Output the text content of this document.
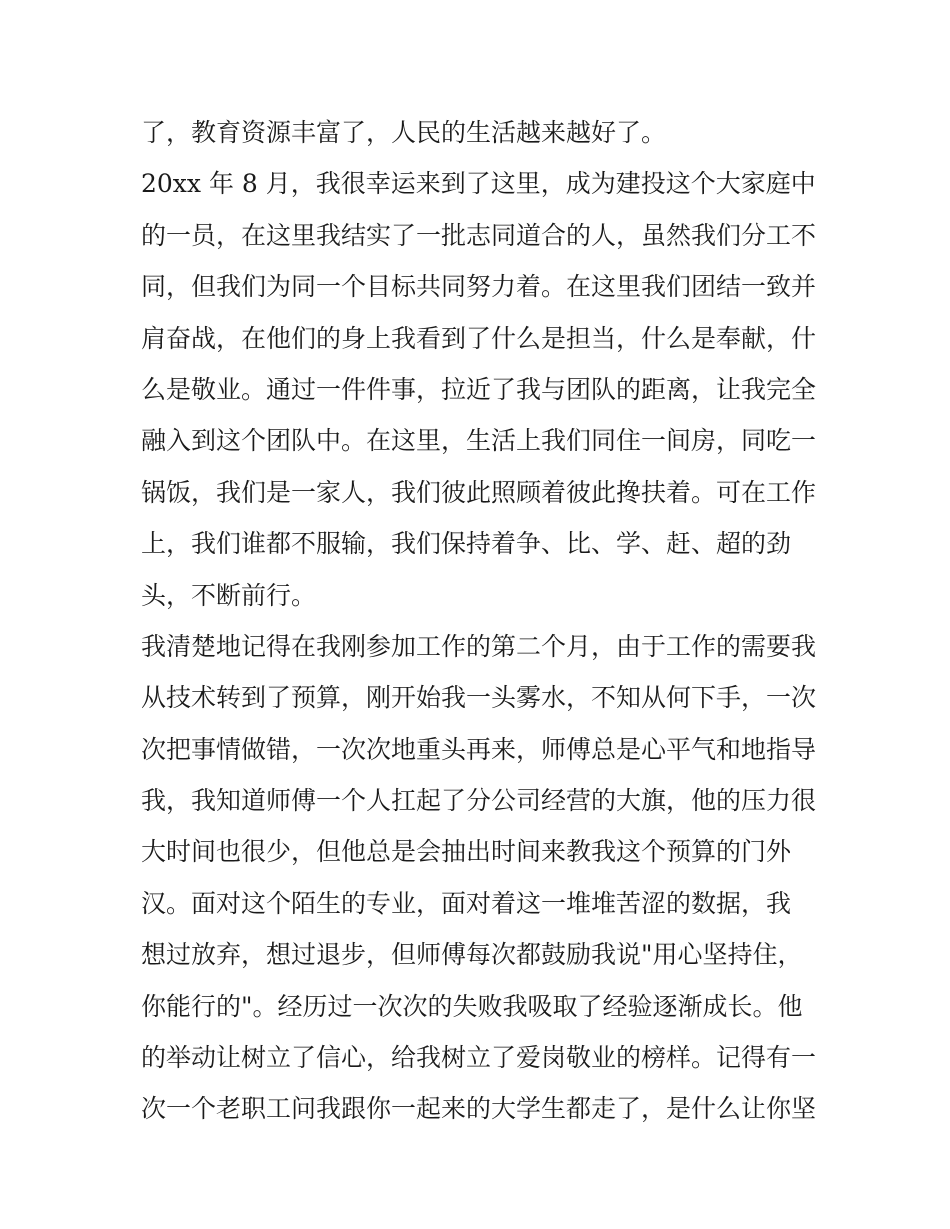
了，教育资源丰富了，人民的生活越来越好了。
20xx 年 8 月，我很幸运来到了这里，成为建投这个大家庭中
的一员，在这里我结实了一批志同道合的人，虽然我们分工不
同，但我们为同一个目标共同努力着。在这里我们团结一致并
肩奋战，在他们的身上我看到了什么是担当，什么是奉献，什
么是敬业。通过一件件事，拉近了我与团队的距离，让我完全
融入到这个团队中。在这里，生活上我们同住一间房，同吃一
锅饭，我们是一家人，我们彼此照顾着彼此搀扶着。可在工作
上，我们谁都不服输，我们保持着争、比、学、赶、超的劲
头，不断前行。
我清楚地记得在我刚参加工作的第二个月，由于工作的需要我
从技术转到了预算，刚开始我一头雾水，不知从何下手，一次
次把事情做错，一次次地重头再来，师傅总是心平气和地指导
我，我知道师傅一个人扛起了分公司经营的大旗，他的压力很
大时间也很少，但他总是会抽出时间来教我这个预算的门外
汉。面对这个陌生的专业，面对着这一堆堆苦涩的数据，我
想过放弃，想过退步，但师傅每次都鼓励我说"用心坚持住，
你能行的"。经历过一次次的失败我吸取了经验逐渐成长。他
的举动让树立了信心，给我树立了爱岗敬业的榜样。记得有一
次一个老职工问我跟你一起来的大学生都走了，是什么让你坚
